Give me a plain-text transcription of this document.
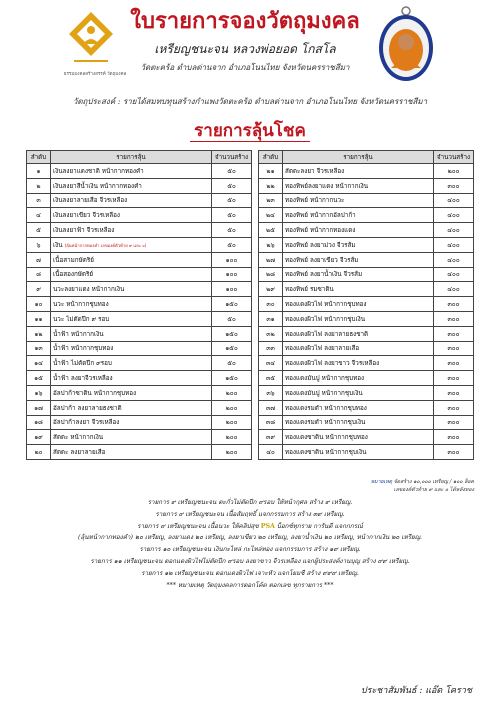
ธรรมมงคลสร้างสรรค์ วัตถุมงคล
ใบรายการจองวัตถุมงคล
เหรียญชนะจน หลวงพ่อยอด โกสโล
วัดตะคร้อ ตำบลด่านจาก อำเภอโนนไทย จังหวัดนครราชสีมา
วัตถุประสงค์ : รายได้สมทบทุนสร้างกำแพงวัดตะคร้อ ตำบลด่านจาก อำเภอโนนไทย จังหวัดนครราชสีมา
รายการลุ้นโชค
ลำดับ	รายการลุ้น	จำนวนสร้าง
๑	เงินลงยาแดงชาติ หน้ากากทองคำ	๕๐
๒	เงินลงยาสีน้ำเงิน หน้ากากทองคำ	๕๐
๓	เงินลงยาลายเสือ จีวรเหลือง	๕๐
๔	เงินลงยาเขียว จีวรเหลือง	๕๐
๕	เงินลงยาฟ้า จีวรเหลือง	๕๐
๖	เงิน (ลุ้นหน้ากากทองคำ เลของค์ตัวท้าย ๙ และ ๐)	๕๐
๗	เนื้อสามกษัตริย์	๑๐๐
๘	เนื้อสองกษัตริย์	๑๐๐
๙	นวะลงยาแดง หน้ากากเงิน	๑๐๐
๑๐	นวะ หน้ากากชุบทอง	๑๕๐
๑๑	นวะ ไม่ตัดปีก ๙ รอบ	๕๐
๑๒	น้ำฟ้า หน้ากากเงิน	๑๕๐
๑๓	น้ำฟ้า หน้ากากชุบทอง	๑๕๐
๑๔	น้ำฟ้า ไม่ตัดปีก ๙รอบ	๕๐
๑๕	น้ำฟ้า ลงยาจีวรเหลือง	๑๕๐
๑๖	อัลปาก้าซาติน หน้ากากชุบทอง	๒๐๐
๑๗	อัลปาก้า ลงยาลายธงชาติ	๒๐๐
๑๘	อัลปาก้าลงยา จีวรเหลือง	๒๐๐
๑๙	สัตตะ หน้ากากเงิน	๒๐๐
๒๐	สัตตะ ลงยาลายเสือ	๒๐๐
ลำดับ	รายการลุ้น	จำนวนสร้าง
๒๑	สัตตะลงยา จีวรเหลือง	๒๐๐
๒๒	ทองทิพย์ลงยาแดง หน้ากากเงิน	๓๐๐
๒๓	ทองทิพย์ หน้ากากนวะ	๔๐๐
๒๔	ทองทิพย์ หน้ากากอัลปาก้า	๔๐๐
๒๕	ทองทิพย์ หน้ากากทองแดง	๔๐๐
๒๖	ทองทิพย์ ลงยาม่วง จีวรส้ม	๔๐๐
๒๗	ทองทิพย์ ลงยาเขียว จีวรส้ม	๔๐๐
๒๘	ทองทิพย์ ลงยาน้ำเงิน จีวรส้ม	๔๐๐
๒๙	ทองทิพย์ รมซาติน	๔๐๐
๓๐	ทองแดงผิวไฟ หน้ากากชุบทอง	๓๐๐
๓๑	ทองแดงผิวไฟ หน้ากากชุบเงิน	๓๐๐
๓๒	ทองแดงผิวไฟ ลงยาลายธงชาติ	๓๐๐
๓๓	ทองแดงผิวไฟ ลงยาลายเสือ	๓๐๐
๓๔	ทองแดงผิวไฟ ลงยาขาว จีวรเหลือง	๓๐๐
๓๕	ทองแดงมันปู หน้ากากชุบทอง	๓๐๐
๓๖	ทองแดงมันปู หน้ากากชุบเงิน	๓๐๐
๓๗	ทองแดงรมดำ หน้ากากชุบทอง	๓๐๐
๓๘	ทองแดงรมดำ หน้ากากชุบเงิน	๓๐๐
๓๙	ทองแดงซาติน หน้ากากชุบทอง	๓๐๐
๔๐	ทองแดงซาติน หน้ากากชุบเงิน	๓๐๐
หมายเหตุ จัดสร้าง ๑๐,๐๐๐ เหรียญ / ๑๐๐ ล็อค
เลของค์ตัวท้าย ๙ และ ๐ ได้หลังทอง
รายการ ๙ เหรียญชนะจน ตะกั่วไม่ตัดปีก ๙รอบ ให้หน้ากุศล สร้าง ๙ เหรียญ.
รายการ ๙ เหรียญชนะจน เนื้อสัมฤทธิ์ แจกกรรมการ สร้าง ๓๙ เหรียญ.
รายการ ๙ เหรียญชนะจน เนื้อนวะ ให้คลิปสุข PSA บ็อกซ์ทุกราย การันตี แจกกกรณ์
(ลุ้นหน้ากากทองคำ) ๒๐ เหรียญ, ลงยาแดง ๒๐ เหรียญ, ลงยาเขียว ๒๐ เหรียญ, ลงยาน้ำเงิน ๒๐ เหรียญ, หน้ากากเงิน ๒๐ เหรียญ.
รายการ ๑๐ เหรียญชนะจน เงินกะไหล่ กะไหล่ทอง แจกกรรมการ สร้าง ๑๙ เหรียญ.
รายการ ๑๑ เหรียญชนะจน ตอกแดงผิวไฟไม่ตัดปีก ๙รอบ ลงยาขาว จีวรเหลือง แจกผู้ประสงค์งานบุญ สร้าง ๙๙ เหรียญ.
รายการ ๑๒ เหรียญชนะจน ตอกแดงผิวไฟ เจาะหัว แจกโยมชี สร้าง ๙๙๙ เหรียญ.
*** หมายเหตุ วัตถุมงคลการตอกโค้ด ตอกเลข ทุกรายการ ***
ประชาสัมพันธ์ : แอ๊ด โคราช
